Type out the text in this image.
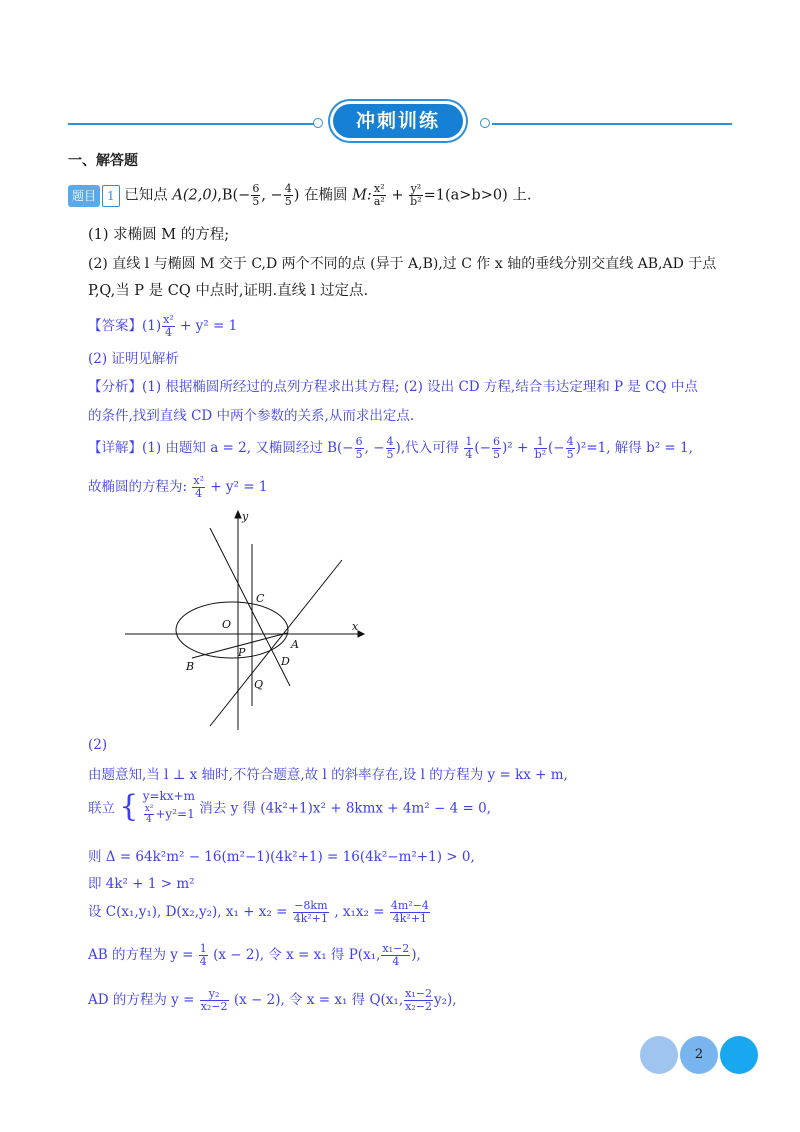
冲刺训练
一、解答题
题目 1 已知点 $A(2,0),B(- \frac{6}{5}$ , − $\frac{4}{5}$ ) 在椭圆 M: $\frac{\text{x²}}{\text{a²}} + \frac{\text{y²}}{\text{b²}} =1(a>b>0)$ 上.
(1) 求椭圆 M 的方程;
(2) 直线 l 与椭圆 M 交于 C,D 两个不同的点 (异于 A,B),过 C 作 x 轴的垂线分别交直线 AB,AD 于点
P,Q,当 P 是 CQ 中点时,证明.直线 l 过定点.
【答案】$(1) \frac{\text{x²}}{4} + y^2 = 1$
(2) 证明见解析
【分析】(1) 根据椭圆所经过的点列方程求出其方程; (2) 设出 CD 方程,结合韦达定理和 P 是 CQ 中点
的条件,找到直线 CD 中两个参数的关系,从而求出定点.
【详解】(1) 由题知 a = 2, 又椭圆经过 $B(- \frac{6}{5}$ , − $\frac{4}{5}$ ),代入可得 $\frac{1}{4}$ (− $\frac{6}{5} )^2 + \frac{1}{\text{b²}}$ (− $\frac{4}{5} )^2=1$, 解得 b² = 1,
故椭圆的方程为: $\frac{\text{x²}}{4} + y^2 = 1$
y
x
O
C
A
P
D
B
Q
(2)
由题意知,当 l ⊥ x 轴时,不符合题意,故 l 的斜率存在,设 l 的方程为 y = kx + m,
联立 { y=kx+m
$\frac{\text{x²}}{4} +y^2=1$ 消去 y 得 (4k²+1)x² + 8kmx + 4m² − 4 = 0,
则 Δ = 64k²m² − 16(m²−1)(4k²+1) = 16(4k²−m²+1) > 0,
即 4k² + 1 > m²
设 C(x₁,y₁), D(x₂,y₂), $x_1 + x_2 = \frac{-8km}{\text{4k²+1}}$ , $x_1x_2 = \frac{\text{4m²−4}}{\text{4k²+1}}$
AB 的方程为 $y = \frac{1}{4} (x - 2)$, 令 x = x₁ 得 P(x₁, $\frac{\text{x₁−2}}{4}$ ),
AD 的方程为 $y = \frac{\text{y₂}}{\text{x₂−2}} (x - 2)$, 令 x = x₁ 得 Q(x₁, $\frac{\text{x₁−2}}{\text{x₂−2}} y_2$),
2
